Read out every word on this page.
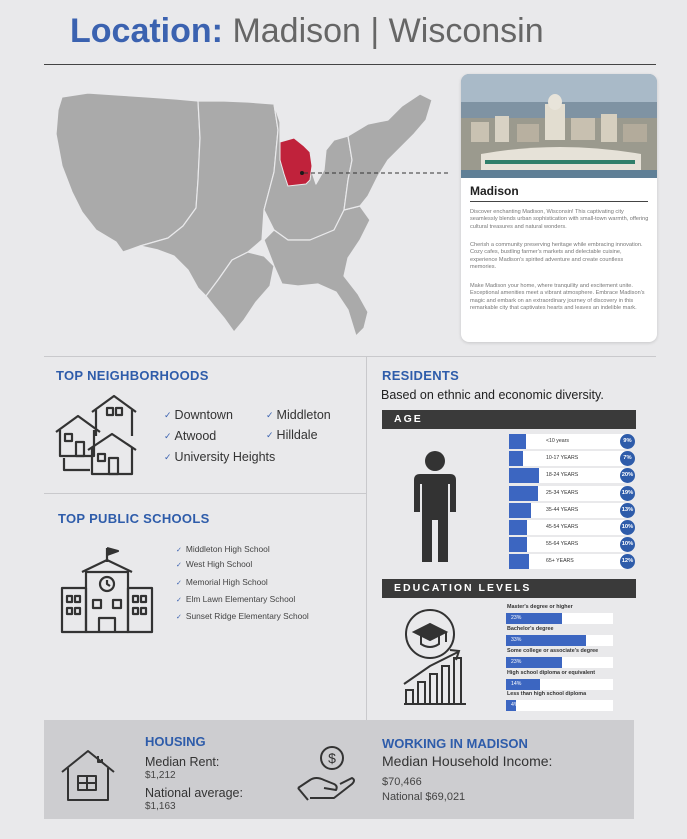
Location: Madison | Wisconsin
Madison
Discover enchanting Madison, Wisconsin! This captivating city seamlessly blends urban sophistication with small-town warmth, offering cultural treasures and natural wonders.
Cherish a community preserving heritage while embracing innovation. Cozy cafes, bustling farmer's markets and delectable cuisine, experience Madison's spirited adventure and create countless memories.
Make Madison your home, where tranquility and excitement unite. Exceptional amenities meet a vibrant atmosphere. Embrace Madison's magic and embark on an extraordinary journey of discovery in this remarkable city that captivates hearts and leaves an indelible mark.
TOP NEIGHBORHOODS
✓ Downtown
✓ Atwood
✓ University Heights
✓ Middleton
✓ Hilldale
TOP PUBLIC SCHOOLS
✓ Middleton High School
✓ West High School
✓ Memorial High School
✓ Elm Lawn Elementary School
✓ Sunset Ridge Elementary School
RESIDENTS
Based on ethnic and economic diversity.
AGE
<10 years	9%
10-17 YEARS	7%
18-24 YEARS	20%
25-34 YEARS	19%
35-44 YEARS	13%
45-54 YEARS	10%
55-64 YEARS	10%
65+ YEARS	12%
EDUCATION LEVELS
Master's degree or higher
23%
Bachelor's degree
33%
Some college or associate's degree
23%
High school diploma or equivalent
14%
Less than high school diploma
4%
HOUSING
Median Rent:
$1,212
National average:
$1,163
$
WORKING IN MADISON
Median Household Income:
$70,466
National $69,021
